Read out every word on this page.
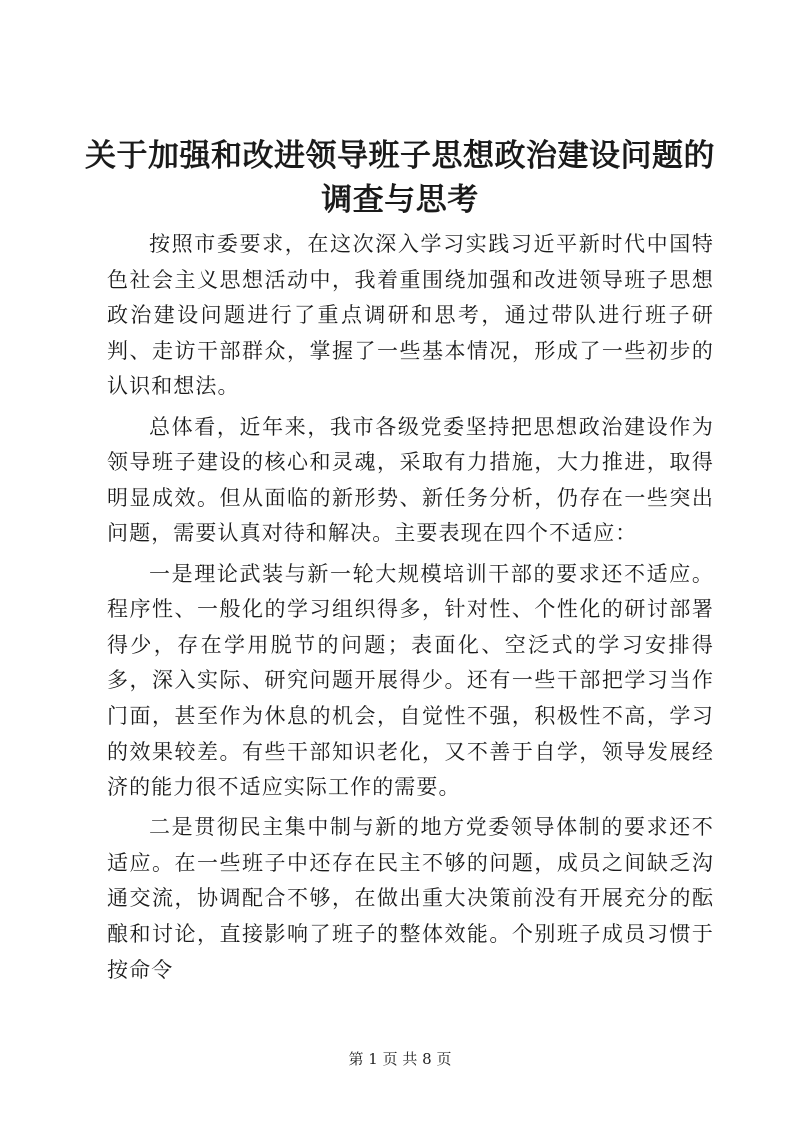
关于加强和改进领导班子思想政治建设问题的调查与思考

按照市委要求，在这次深入学习实践习近平新时代中国特色社会主义思想活动中，我着重围绕加强和改进领导班子思想政治建设问题进行了重点调研和思考，通过带队进行班子研判、走访干部群众，掌握了一些基本情况，形成了一些初步的认识和想法。

总体看，近年来，我市各级党委坚持把思想政治建设作为领导班子建设的核心和灵魂，采取有力措施，大力推进，取得明显成效。但从面临的新形势、新任务分析，仍存在一些突出问题，需要认真对待和解决。主要表现在四个不适应：

一是理论武装与新一轮大规模培训干部的要求还不适应。程序性、一般化的学习组织得多，针对性、个性化的研讨部署得少，存在学用脱节的问题；表面化、空泛式的学习安排得多，深入实际、研究问题开展得少。还有一些干部把学习当作门面，甚至作为休息的机会，自觉性不强，积极性不高，学习的效果较差。有些干部知识老化，又不善于自学，领导发展经济的能力很不适应实际工作的需要。

二是贯彻民主集中制与新的地方党委领导体制的要求还不适应。在一些班子中还存在民主不够的问题，成员之间缺乏沟通交流，协调配合不够，在做出重大决策前没有开展充分的酝酿和讨论，直接影响了班子的整体效能。个别班子成员习惯于按命令

第 1 页 共 8 页
